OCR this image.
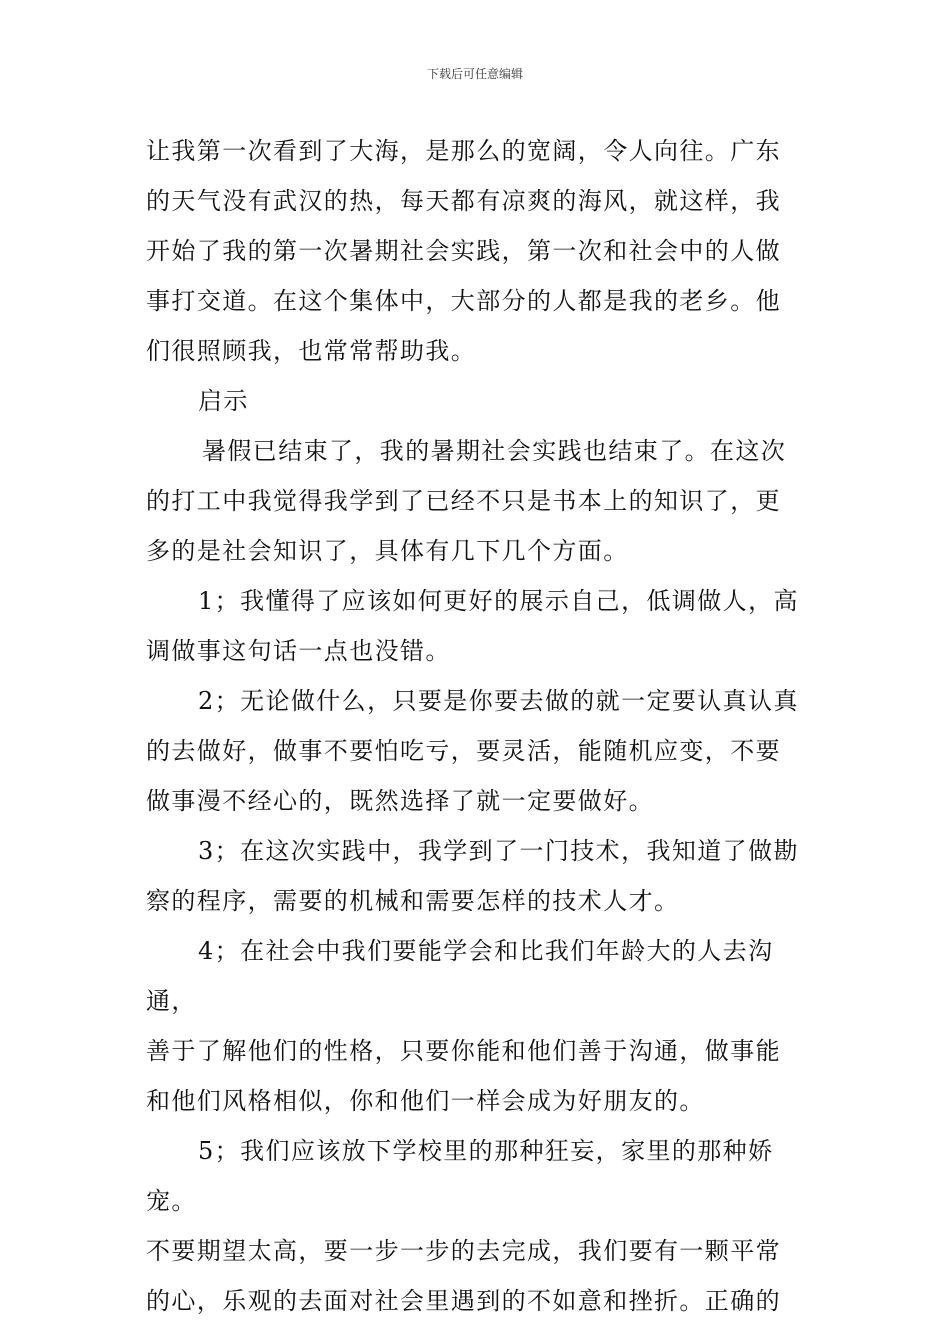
下载后可任意编辑

让我第一次看到了大海，是那么的宽阔，令人向往。广东
的天气没有武汉的热，每天都有凉爽的海风，就这样，我
开始了我的第一次暑期社会实践，第一次和社会中的人做
事打交道。在这个集体中，大部分的人都是我的老乡。他
们很照顾我，也常常帮助我。

启示

暑假已结束了，我的暑期社会实践也结束了。在这次
的打工中我觉得我学到了已经不只是书本上的知识了，更
多的是社会知识了，具体有几下几个方面。

1；我懂得了应该如何更好的展示自己，低调做人，高
调做事这句话一点也没错。

2；无论做什么，只要是你要去做的就一定要认真认真
的去做好，做事不要怕吃亏，要灵活，能随机应变，不要
做事漫不经心的，既然选择了就一定要做好。

3；在这次实践中，我学到了一门技术，我知道了做勘
察的程序，需要的机械和需要怎样的技术人才。

4；在社会中我们要能学会和比我们年龄大的人去沟通，
善于了解他们的性格，只要你能和他们善于沟通，做事能
和他们风格相似，你和他们一样会成为好朋友的。

5；我们应该放下学校里的那种狂妄，家里的那种娇宠。
不要期望太高，要一步一步的去完成，我们要有一颗平常
的心，乐观的去面对社会里遇到的不如意和挫折。正确的
